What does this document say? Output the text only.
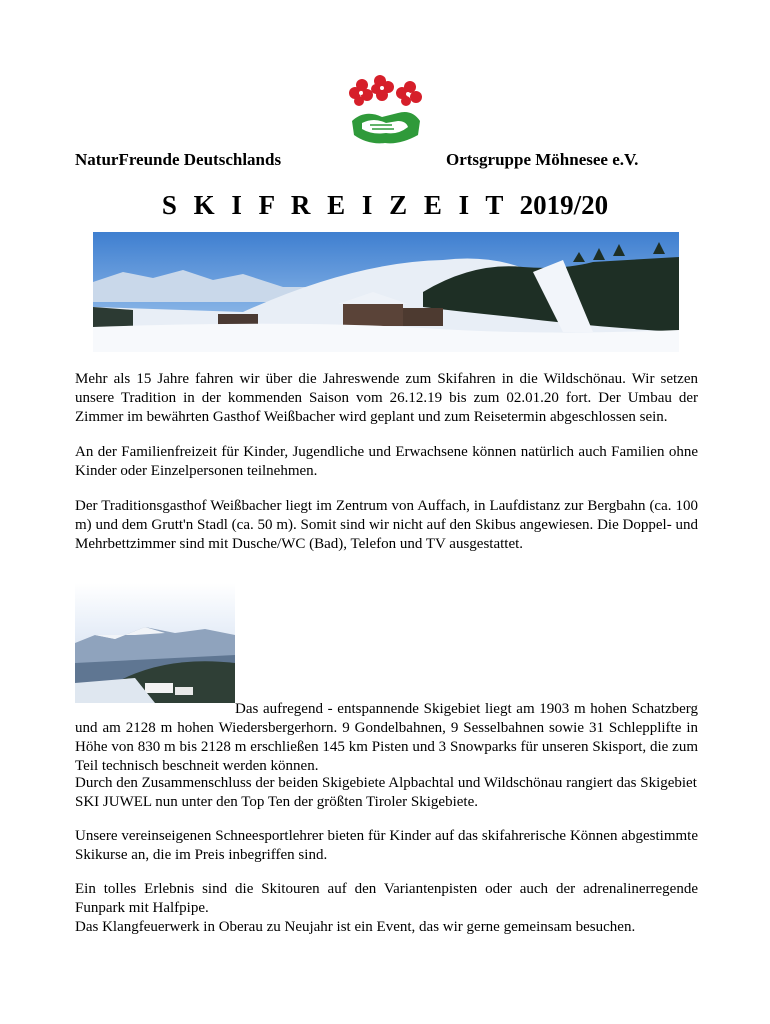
NaturFreunde Deutschlands	Ortsgruppe Möhnesee e.V.
S K I F R E I Z E I T 2019/20

Mehr als 15 Jahre fahren wir über die Jahreswende zum Skifahren in die Wildschönau. Wir setzen unsere Tradition in der kommenden Saison vom 26.12.19 bis zum 02.01.20 fort. Der Umbau der Zimmer im bewährten Gasthof Weißbacher wird geplant und zum Reisetermin abgeschlossen sein.

An der Familienfreizeit für Kinder, Jugendliche und Erwachsene können natürlich auch Familien ohne Kinder oder Einzelpersonen teilnehmen.

Der Traditionsgasthof Weißbacher liegt im Zentrum von Auffach, in Laufdistanz zur Bergbahn (ca. 100 m) und dem Grutt'n Stadl (ca. 50 m). Somit sind wir nicht auf den Skibus angewiesen. Die Doppel- und Mehrbettzimmer sind mit Dusche/WC (Bad), Telefon und TV ausgestattet.

Das aufregend - entspannende Skigebiet liegt am 1903 m hohen Schatzberg und am 2128 m hohen Wiedersbergerhorn. 9 Gondelbahnen, 9 Sesselbahnen sowie 31 Schlepplifte in Höhe von 830 m bis 2128 m erschließen 145 km Pisten und 3 Snowparks für unseren Skisport, die zum Teil technisch beschneit werden können.

Durch den Zusammenschluss der beiden Skigebiete Alpbachtal und Wildschönau rangiert das Skigebiet SKI JUWEL nun unter den Top Ten der größten Tiroler Skigebiete.

Unsere vereinseigenen Schneesportlehrer bieten für Kinder auf das skifahrerische Können abgestimmte Skikurse an, die im Preis inbegriffen sind.

Ein tolles Erlebnis sind die Skitouren auf den Variantenpisten oder auch der adrenalinerregende Funpark mit Halfpipe.

Das Klangfeuerwerk in Oberau zu Neujahr ist ein Event, das wir gerne gemeinsam besuchen.
